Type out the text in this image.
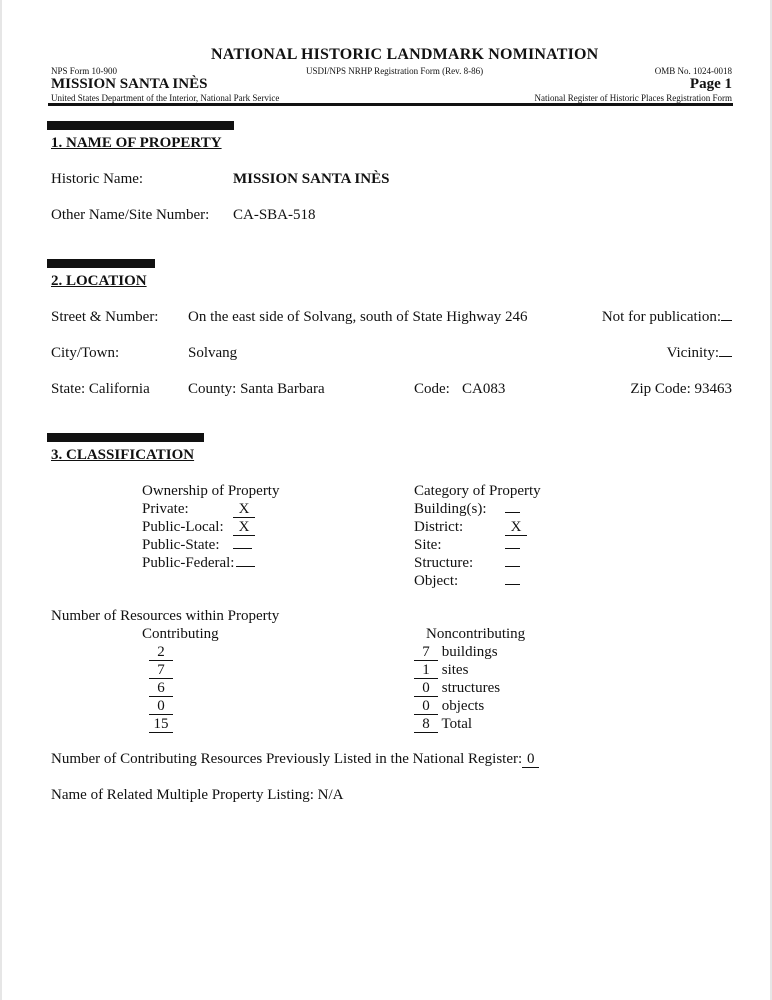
NATIONAL HISTORIC LANDMARK NOMINATION
NPS Form 10-900	USDI/NPS NRHP Registration Form (Rev. 8-86)	OMB No. 1024-0018
MISSION SANTA INÈS	Page 1
United States Department of the Interior, National Park Service	National Register of Historic Places Registration Form
1. NAME OF PROPERTY
Historic Name:	MISSION SANTA INÈS
Other Name/Site Number: CA-SBA-518
2. LOCATION
Street & Number: On the east side of Solvang, south of State Highway 246	Not for publication:
City/Town:	Solvang	Vicinity:
State: California	County: Santa Barbara	Code: CA083	Zip Code: 93463
3. CLASSIFICATION
Ownership of Property
Private:	X
Public-Local: X
Public-State:
Public-Federal:
Category of Property
Building(s):
District:	X
Site:
Structure:
Object:
Number of Resources within Property
Contributing	Noncontributing
2	7 buildings
7	1 sites
6	0 structures
0	0 objects
15	8 Total
Number of Contributing Resources Previously Listed in the National Register: 0
Name of Related Multiple Property Listing: N/A
